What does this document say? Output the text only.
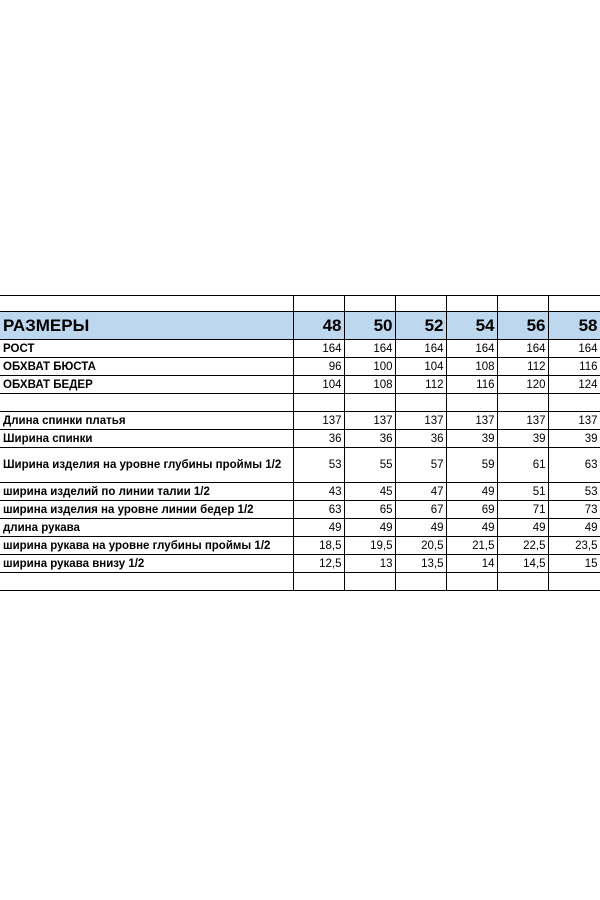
РАЗМЕРЫ	48	50	52	54	56	58
РОСТ	164	164	164	164	164	164
ОБХВАТ БЮСТА	96	100	104	108	112	116
ОБХВАТ БЕДЕР	104	108	112	116	120	124

Длина спинки платья	137	137	137	137	137	137
Ширина спинки	36	36	36	39	39	39
Ширина изделия на уровне глубины проймы 1/2	53	55	57	59	61	63
ширина изделий по линии талии 1/2	43	45	47	49	51	53
ширина изделия на уровне линии бедер 1/2	63	65	67	69	71	73
длина рукава	49	49	49	49	49	49
ширина рукава на уровне глубины проймы 1/2	18,5	19,5	20,5	21,5	22,5	23,5
ширина рукава внизу 1/2	12,5	13	13,5	14	14,5	15
